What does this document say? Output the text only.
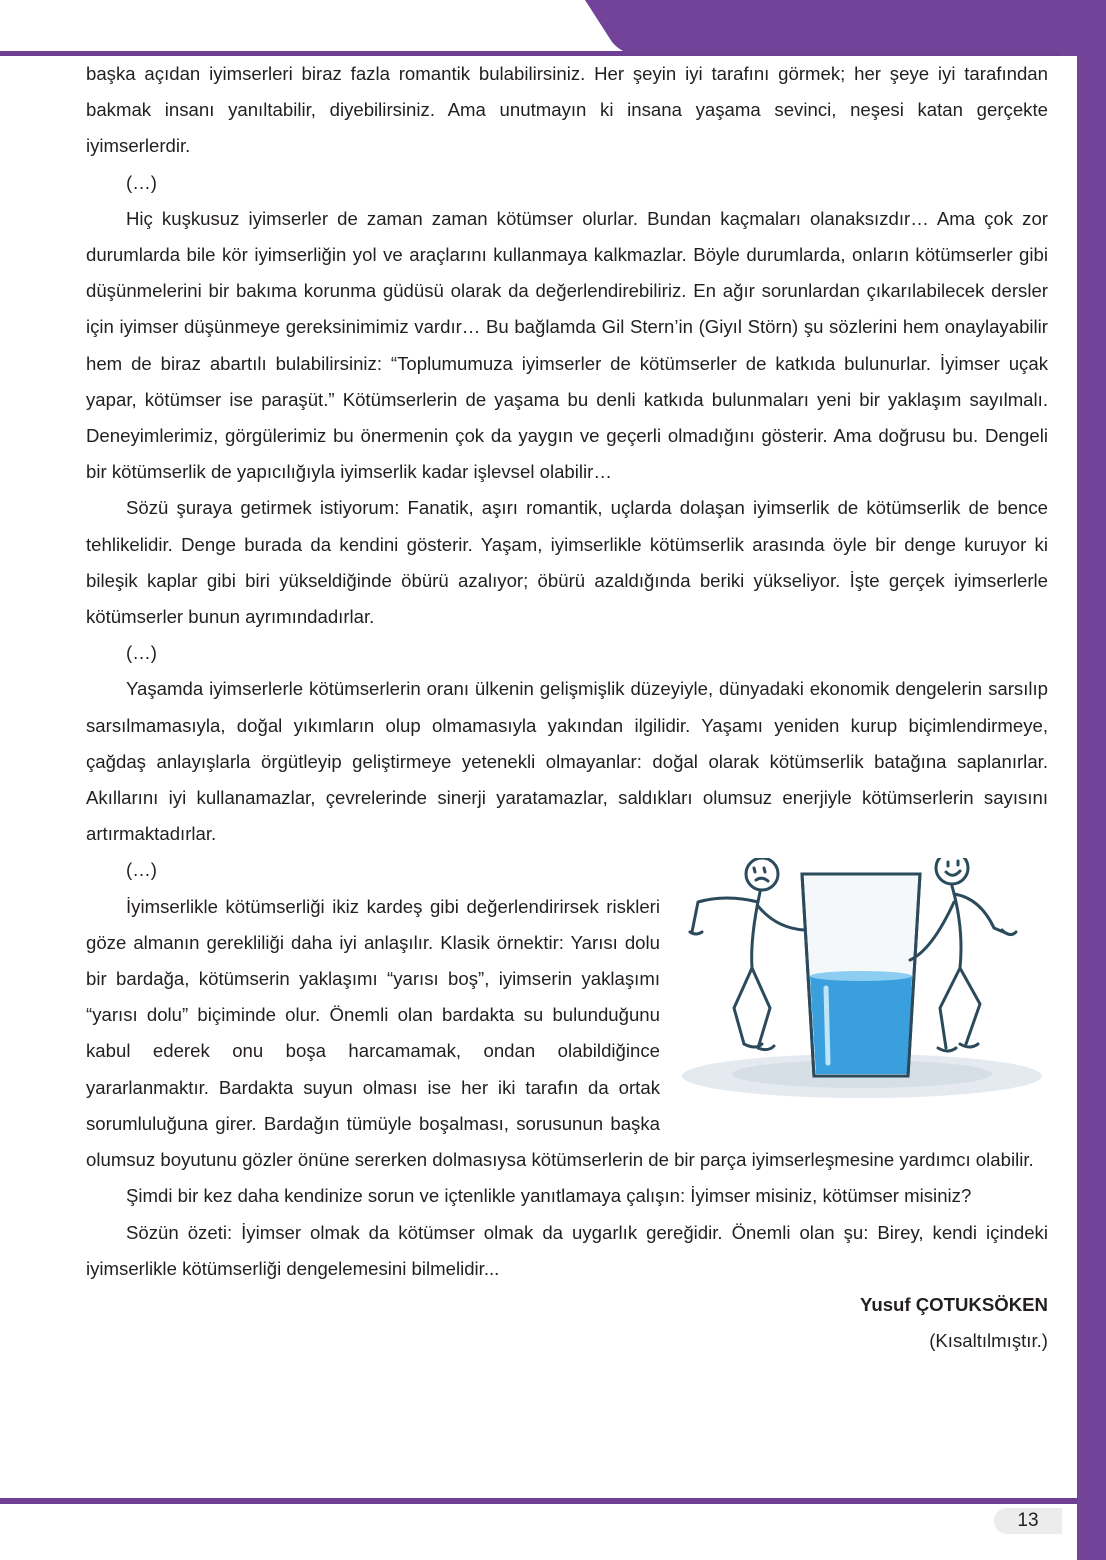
başka açıdan iyimserleri biraz fazla romantik bulabilirsiniz. Her şeyin iyi tarafını görmek; her şeye iyi tarafından bakmak insanı yanıltabilir, diyebilirsiniz. Ama unutmayın ki insana yaşama sevinci, neşesi katan gerçekte iyimserlerdir.

(…)

Hiç kuşkusuz iyimserler de zaman zaman kötümser olurlar. Bundan kaçmaları olanaksızdır… Ama çok zor durumlarda bile kör iyimserliğin yol ve araçlarını kullanmaya kalkmazlar. Böyle durumlarda, onların kötümserler gibi düşünmelerini bir bakıma korunma güdüsü olarak da değerlendirebiliriz. En ağır sorunlardan çıkarılabilecek dersler için iyimser düşünmeye gereksinimimiz vardır… Bu bağlamda Gil Stern’in (Giyıl Störn) şu sözlerini hem onaylayabilir hem de biraz abartılı bulabilirsiniz: “Toplumumuza iyimserler de kötümserler de katkıda bulunurlar. İyimser uçak yapar, kötümser ise paraşüt.” Kötümserlerin de yaşama bu denli katkıda bulunmaları yeni bir yaklaşım sayılmalı. Deneyimlerimiz, görgülerimiz bu önermenin çok da yaygın ve geçerli olmadığını gösterir. Ama doğrusu bu. Dengeli bir kötümserlik de yapıcılığıyla iyimserlik kadar işlevsel olabilir…

Sözü şuraya getirmek istiyorum: Fanatik, aşırı romantik, uçlarda dolaşan iyimserlik de kötümserlik de bence tehlikelidir. Denge burada da kendini gösterir. Yaşam, iyimserlikle kötümserlik arasında öyle bir denge kuruyor ki bileşik kaplar gibi biri yükseldiğinde öbürü azalıyor; öbürü azaldığında beriki yükseliyor. İşte gerçek iyimserlerle kötümserler bunun ayrımındadırlar.

(…)

Yaşamda iyimserlerle kötümserlerin oranı ülkenin gelişmişlik düzeyiyle, dünyadaki ekonomik dengelerin sarsılıp sarsılmamasıyla, doğal yıkımların olup olmamasıyla yakından ilgilidir. Yaşamı yeniden kurup biçimlendirmeye, çağdaş anlayışlarla örgütleyip geliştirmeye yetenekli olmayanlar: doğal olarak kötümserlik batağına saplanırlar. Akıllarını iyi kullanamazlar, çevrelerinde sinerji yaratamazlar, saldıkları olumsuz enerjiyle kötümserlerin sayısını artırmaktadırlar.

(…)

İyimserlikle kötümserliği ikiz kardeş gibi değerlendirirsek riskleri göze almanın gerekliliği daha iyi anlaşılır. Klasik örnektir: Yarısı dolu bir bardağa, kötümserin yaklaşımı “yarısı boş”, iyimserin yaklaşımı “yarısı dolu” biçiminde olur. Önemli olan bardakta su bulunduğunu kabul ederek onu boşa harcamamak, ondan olabildiğince yararlanmaktır. Bardakta suyun olması ise her iki tarafın da ortak sorumluluğuna girer. Bardağın tümüyle boşalması, sorusunun başka olumsuz boyutunu gözler önüne sererken dolmasıysa kötümserlerin de bir parça iyimserleşmesine yardımcı olabilir.

Şimdi bir kez daha kendinize sorun ve içtenlikle yanıtlamaya çalışın: İyimser misiniz, kötümser misiniz?

Sözün özeti: İyimser olmak da kötümser olmak da uygarlık gereğidir. Önemli olan şu: Birey, kendi içindeki iyimserlikle kötümserliği dengelemesini bilmelidir...

Yusuf ÇOTUKSÖKEN

(Kısaltılmıştır.)

13
